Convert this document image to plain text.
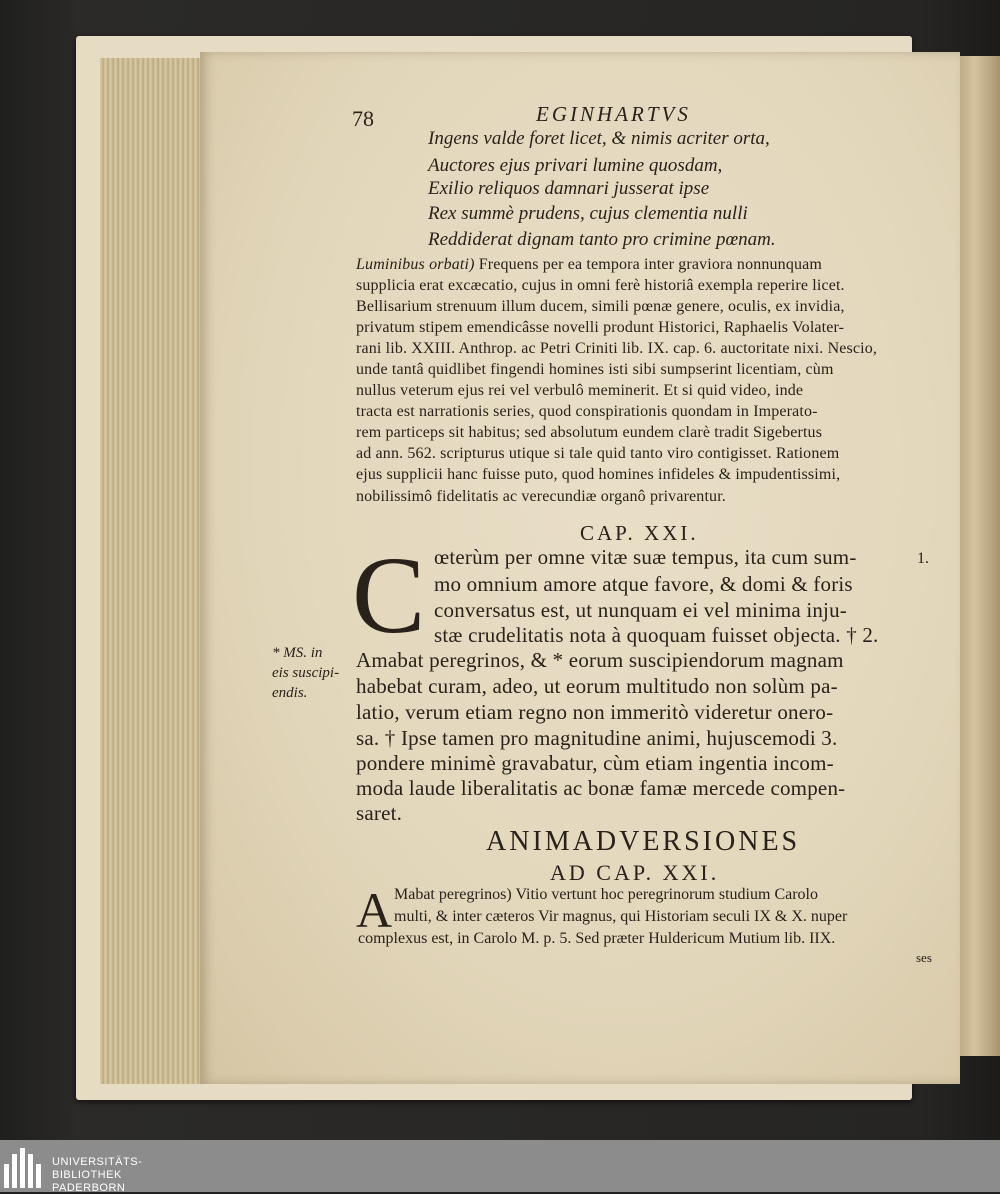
78	EGINHARTVS

Ingens valde foret licet, & nimis acriter orta,

Auctores ejus privari lumine quosdam,

Exilio reliquos damnari jusserat ipse

Rex summè prudens, cujus clementia nulli

Reddiderat dignam tanto pro crimine pœnam.

Luminibus orbati) Frequens per ea tempora inter graviora nonnunquam

supplicia erat excæcatio, cujus in omni ferè historiâ exempla reperire licet.

Bellisarium strenuum illum ducem, simili pœnæ genere, oculis, ex invidia,

privatum stipem emendicâsse novelli produnt Historici, Raphaelis Volater-

rani lib. XXIII. Anthrop. ac Petri Criniti lib. IX. cap. 6. auctoritate nixi. Nescio,

unde tantâ quidlibet fingendi homines isti sibi sumpserint licentiam, cùm

nullus veterum ejus rei vel verbulô meminerit. Et si quid video, inde

tracta est narrationis series, quod conspirationis quondam in Imperato-

rem particeps sit habitus; sed absolutum eundem clarè tradit Sigebertus

ad ann. 562. scripturus utique si tale quid tanto viro contigisset. Rationem

ejus supplicii hanc fuisse puto, quod homines infideles & impudentissimi,

nobilissimô fidelitatis ac verecundiæ organô privarentur.

CAP. XXI.

C œterùm per omne vitæ suæ tempus, ita cum sum-	1.

mo omnium amore atque favore, & domi & foris

conversatus est, ut nunquam ei vel minima inju-

stæ crudelitatis nota à quoquam fuisset objecta. † 2.

Amabat peregrinos, & * eorum suscipiendorum magnam

habebat curam, adeo, ut eorum multitudo non solùm pa-

latio, verum etiam regno non immeritò videretur onero-

sa. † Ipse tamen pro magnitudine animi, hujuscemodi 3.

pondere minimè gravabatur, cùm etiam ingentia incom-

moda laude liberalitatis ac bonæ famæ mercede compen-

saret.

* MS. in

eis suscipi-

endis.

ANIMADVERSIONES

AD CAP. XXI.

A Mabat peregrinos) Vitio vertunt hoc peregrinorum studium Carolo

multi, & inter cæteros Vir magnus, qui Historiam seculi IX & X. nuper

complexus est, in Carolo M. p. 5. Sed præter Huldericum Mutium lib. IIX.

ses

UNIVERSITÄTS-

BIBLIOTHEK

PADERBORN
